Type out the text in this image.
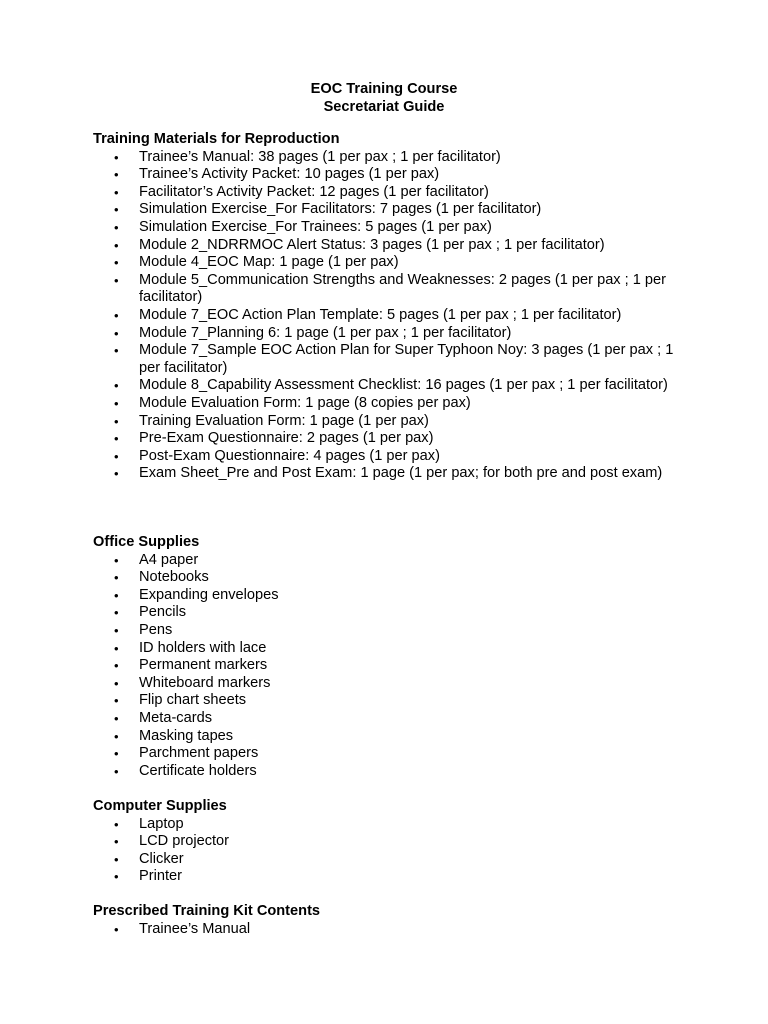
EOC Training Course
Secretariat Guide
Training Materials for Reproduction
• Trainee’s Manual: 38 pages (1 per pax ; 1 per facilitator)
• Trainee’s Activity Packet: 10 pages (1 per pax)
• Facilitator’s Activity Packet: 12 pages (1 per facilitator)
• Simulation Exercise_For Facilitators: 7 pages (1 per facilitator)
• Simulation Exercise_For Trainees: 5 pages (1 per pax)
• Module 2_NDRRMOC Alert Status: 3 pages (1 per pax ; 1 per facilitator)
• Module 4_EOC Map: 1 page (1 per pax)
• Module 5_Communication Strengths and Weaknesses: 2 pages (1 per pax ; 1 per facilitator)
• Module 7_EOC Action Plan Template: 5 pages (1 per pax ; 1 per facilitator)
• Module 7_Planning 6: 1 page (1 per pax ; 1 per facilitator)
• Module 7_Sample EOC Action Plan for Super Typhoon Noy: 3 pages (1 per pax ; 1 per facilitator)
• Module 8_Capability Assessment Checklist: 16 pages (1 per pax ; 1 per facilitator)
• Module Evaluation Form: 1 page (8 copies per pax)
• Training Evaluation Form: 1 page (1 per pax)
• Pre-Exam Questionnaire: 2 pages (1 per pax)
• Post-Exam Questionnaire: 4 pages (1 per pax)
• Exam Sheet_Pre and Post Exam: 1 page (1 per pax; for both pre and post exam)
Office Supplies
• A4 paper
• Notebooks
• Expanding envelopes
• Pencils
• Pens
• ID holders with lace
• Permanent markers
• Whiteboard markers
• Flip chart sheets
• Meta-cards
• Masking tapes
• Parchment papers
• Certificate holders
Computer Supplies
• Laptop
• LCD projector
• Clicker
• Printer
Prescribed Training Kit Contents
• Trainee’s Manual
